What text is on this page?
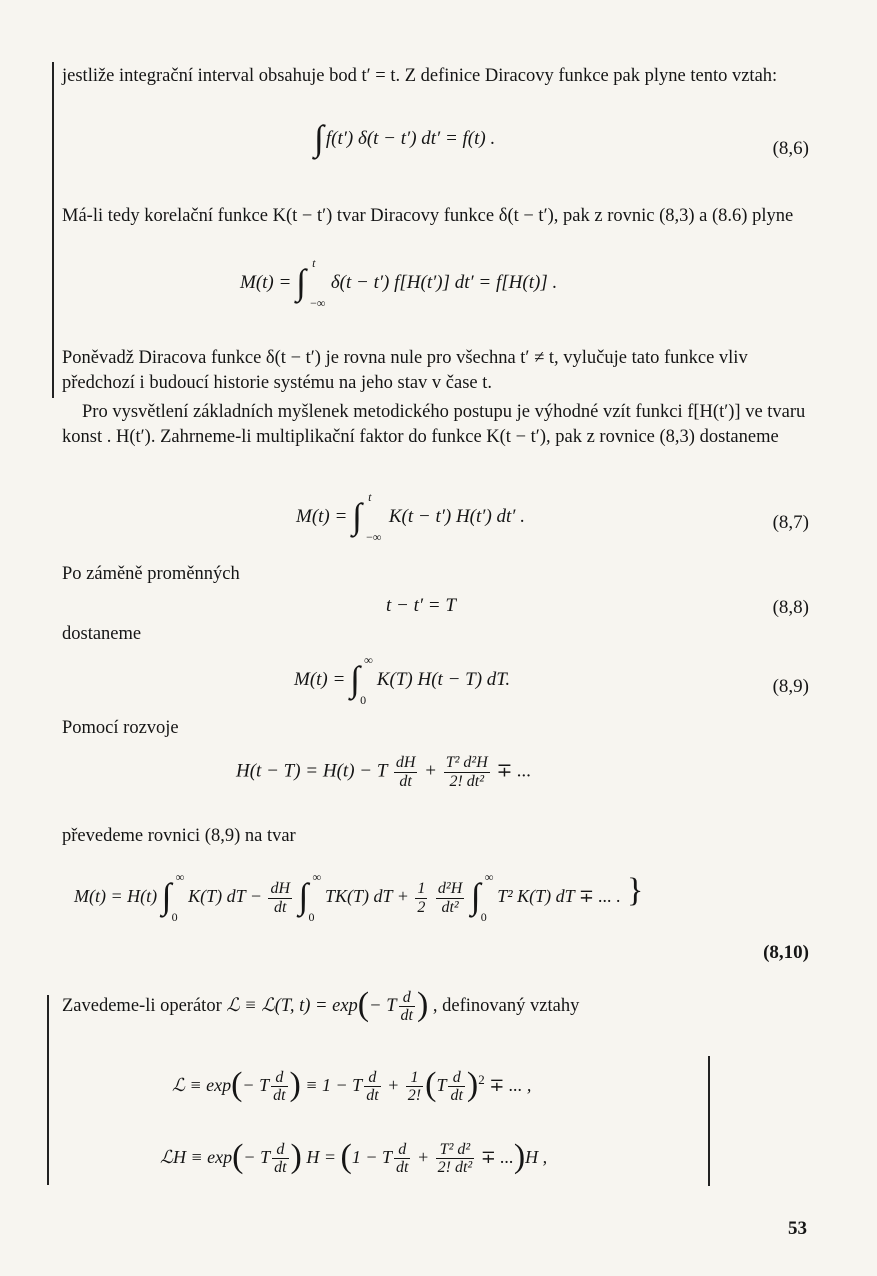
jestliže integrační interval obsahuje bod t′ = t. Z definice Diracovy funkce pak plyne tento vztah:

∫ f(t′) δ(t − t′) dt′ = f(t) .	(8,6)

Má-li tedy korelační funkce K(t − t′) tvar Diracovy funkce δ(t − t′), pak z rovnic (8,3) a (8.6) plyne

M(t) = ∫ t
−∞
δ(t − t′) f[H(t′)] dt′ = f[H(t)] .

Poněvadž Diracova funkce δ(t − t′) je rovna nule pro všechna t′ ≠ t, vylučuje tato funkce vliv předchozí i budoucí historie systému na jeho stav v čase t.

Pro vysvětlení základních myšlenek metodického postupu je výhodné vzít funkci f[H(t′)] ve tvaru konst . H(t′). Zahrneme-li multiplikační faktor do funkce K(t − t′), pak z rovnice (8,3) dostaneme

M(t) = ∫ t
−∞
K(t − t′) H(t′) dt′ .	(8,7)

Po záměně proměnných

t − t′ = T	(8,8)

dostaneme

M(t) = ∫ ∞
0
K(T) H(t − T) dT.	(8,9)

Pomocí rozvoje

H(t − T) = H(t) − T $\frac{dH}{dt} + \frac{\text{T² d²H}}{\text{2! dt²}}$ ∓ ...

převedeme rovnici (8,9) na tvar

M(t) = H(t) ∫ ∞
0
K(T) dT − $\frac{dH}{dt}$ ∫ ∞
0
TK(T) dT + $\frac{1}{2}$
$\frac{\text{d²H}}{\text{dt²}}$ ∫ ∞
0
T² K(T) dT ∓ ... . }
(8,10)
Zavedeme-li operátor ℒ ≡ ℒ(T, t) = exp(− T $\frac{d}{dt}$ ) , definovaný vztahy
ℒ ≡ exp(− T $\frac{d}{dt}$ ) ≡ 1 − T $\frac{d}{dt} + \frac{1}{2!} (T \frac{d}{dt} )^2$ ∓ ... ,
ℒH ≡ exp(− T $\frac{d}{dt}$ ) H = (1 − T $\frac{d}{dt} + \frac{\text{T² d²}}{\text{2! dt²}} \mp ...)H$ ,
53
